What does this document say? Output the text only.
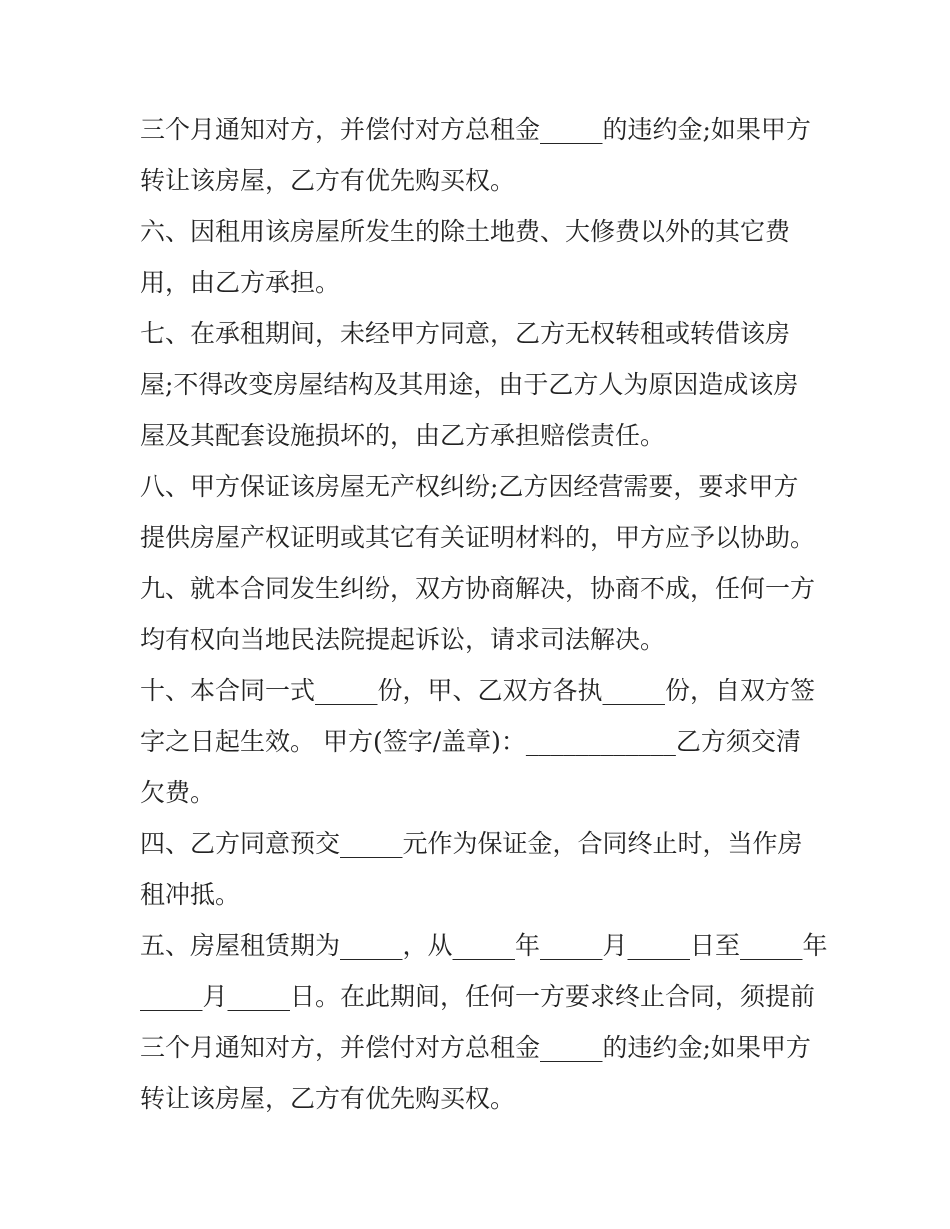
三个月通知对方，并偿付对方总租金_____的违约金;如果甲方
转让该房屋，乙方有优先购买权。
六、因租用该房屋所发生的除土地费、大修费以外的其它费
用，由乙方承担。
七、在承租期间，未经甲方同意，乙方无权转租或转借该房
屋;不得改变房屋结构及其用途，由于乙方人为原因造成该房
屋及其配套设施损坏的，由乙方承担赔偿责任。
八、甲方保证该房屋无产权纠纷;乙方因经营需要，要求甲方
提供房屋产权证明或其它有关证明材料的，甲方应予以协助。
九、就本合同发生纠纷，双方协商解决，协商不成，任何一方
均有权向当地民法院提起诉讼，请求司法解决。
十、本合同一式_____份，甲、乙双方各执_____份，自双方签
字之日起生效。 甲方(签字/盖章)：____________乙方须交清
欠费。
四、乙方同意预交_____元作为保证金，合同终止时，当作房
租冲抵。
五、房屋租赁期为_____，从_____年_____月_____日至_____年
_____月_____日。在此期间，任何一方要求终止合同，须提前
三个月通知对方，并偿付对方总租金_____的违约金;如果甲方
转让该房屋，乙方有优先购买权。
